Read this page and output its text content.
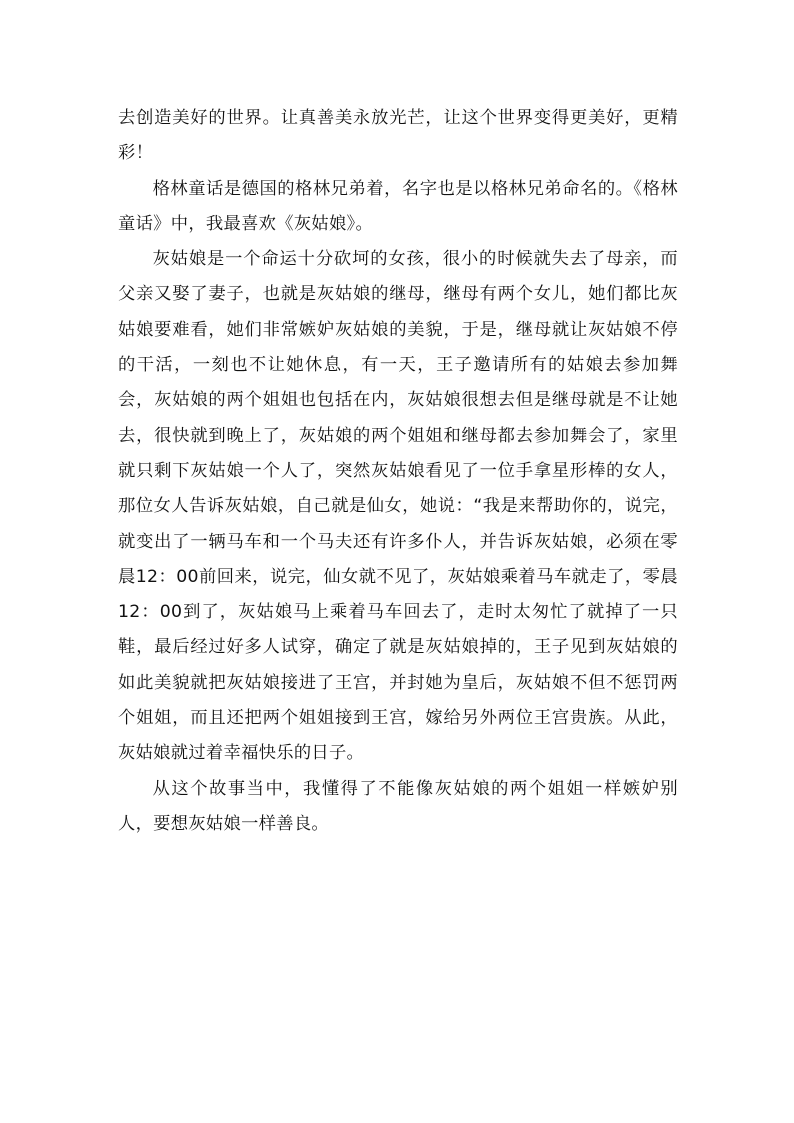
去创造美好的世界。让真善美永放光芒，让这个世界变得更美好，更精彩！

格林童话是德国的格林兄弟着，名字也是以格林兄弟命名的。《格林童话》中，我最喜欢《灰姑娘》。

灰姑娘是一个命运十分砍坷的女孩，很小的时候就失去了母亲，而父亲又娶了妻子，也就是灰姑娘的继母，继母有两个女儿，她们都比灰姑娘要难看，她们非常嫉妒灰姑娘的美貌，于是，继母就让灰姑娘不停的干活，一刻也不让她休息，有一天，王子邀请所有的姑娘去参加舞会，灰姑娘的两个姐姐也包括在内，灰姑娘很想去但是继母就是不让她去，很快就到晚上了，灰姑娘的两个姐姐和继母都去参加舞会了，家里就只剩下灰姑娘一个人了，突然灰姑娘看见了一位手拿星形棒的女人，那位女人告诉灰姑娘，自己就是仙女，她说：“我是来帮助你的，说完，就变出了一辆马车和一个马夫还有许多仆人，并告诉灰姑娘，必须在零晨12：00前回来，说完，仙女就不见了，灰姑娘乘着马车就走了，零晨12：00到了，灰姑娘马上乘着马车回去了，走时太匆忙了就掉了一只鞋，最后经过好多人试穿，确定了就是灰姑娘掉的，王子见到灰姑娘的如此美貌就把灰姑娘接进了王宫，并封她为皇后，灰姑娘不但不惩罚两个姐姐，而且还把两个姐姐接到王宫，嫁给另外两位王宫贵族。从此，灰姑娘就过着幸福快乐的日子。

从这个故事当中，我懂得了不能像灰姑娘的两个姐姐一样嫉妒别人，要想灰姑娘一样善良。
